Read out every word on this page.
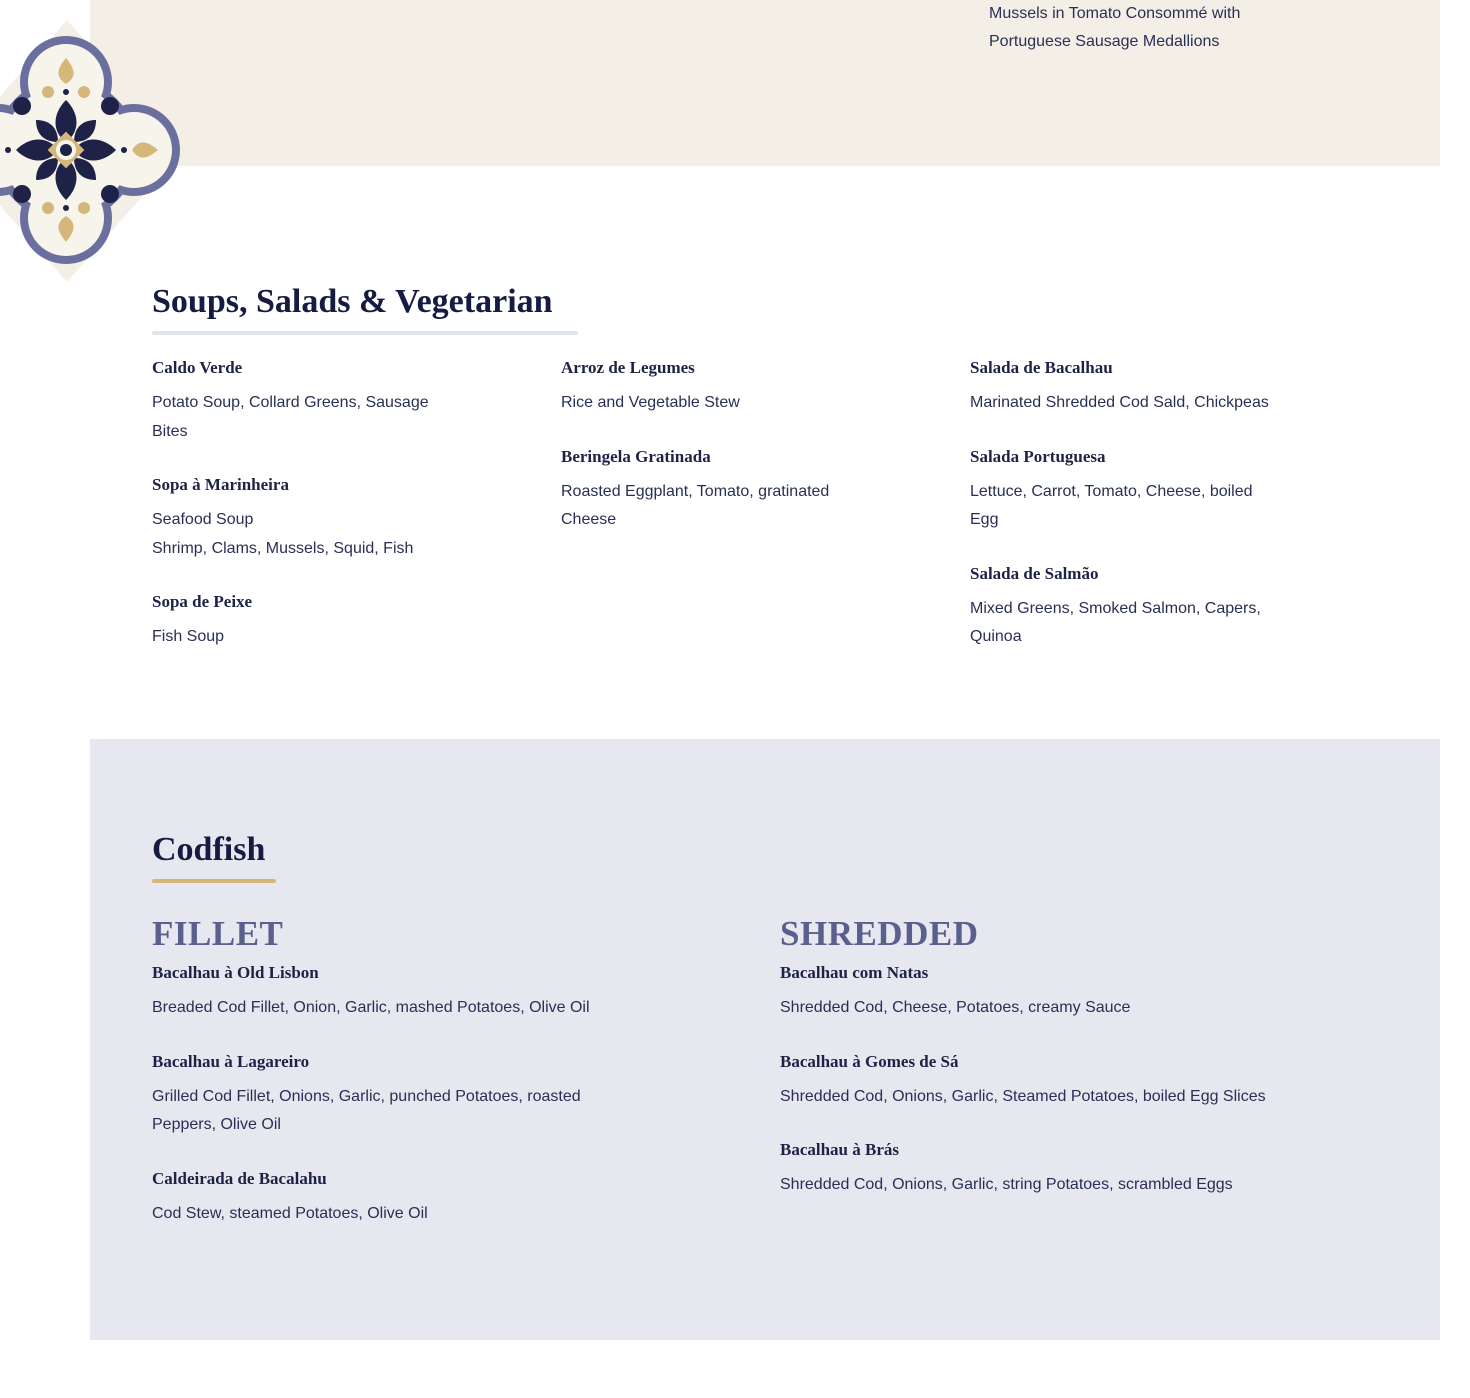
Mussels in Tomato Consommé with
Portuguese Sausage Medallions
Soups, Salads & Vegetarian
Caldo Verde
Potato Soup, Collard Greens, Sausage Bites
Sopa à Marinheira
Seafood Soup
Shrimp, Clams, Mussels, Squid, Fish
Sopa de Peixe
Fish Soup
Arroz de Legumes
Rice and Vegetable Stew
Beringela Gratinada
Roasted Eggplant, Tomato, gratinated Cheese
Salada de Bacalhau
Marinated Shredded Cod Sald, Chickpeas
Salada Portuguesa
Lettuce, Carrot, Tomato, Cheese, boiled Egg
Salada de Salmão
Mixed Greens, Smoked Salmon, Capers, Quinoa
Codfish
FILLET
Bacalhau à Old Lisbon
Breaded Cod Fillet, Onion, Garlic, mashed Potatoes, Olive Oil
Bacalhau à Lagareiro
Grilled Cod Fillet, Onions, Garlic, punched Potatoes, roasted Peppers, Olive Oil
Caldeirada de Bacalahu
Cod Stew, steamed Potatoes, Olive Oil
SHREDDED
Bacalhau com Natas
Shredded Cod, Cheese, Potatoes, creamy Sauce
Bacalhau à Gomes de Sá
Shredded Cod, Onions, Garlic, Steamed Potatoes, boiled Egg Slices
Bacalhau à Brás
Shredded Cod, Onions, Garlic, string Potatoes, scrambled Eggs
